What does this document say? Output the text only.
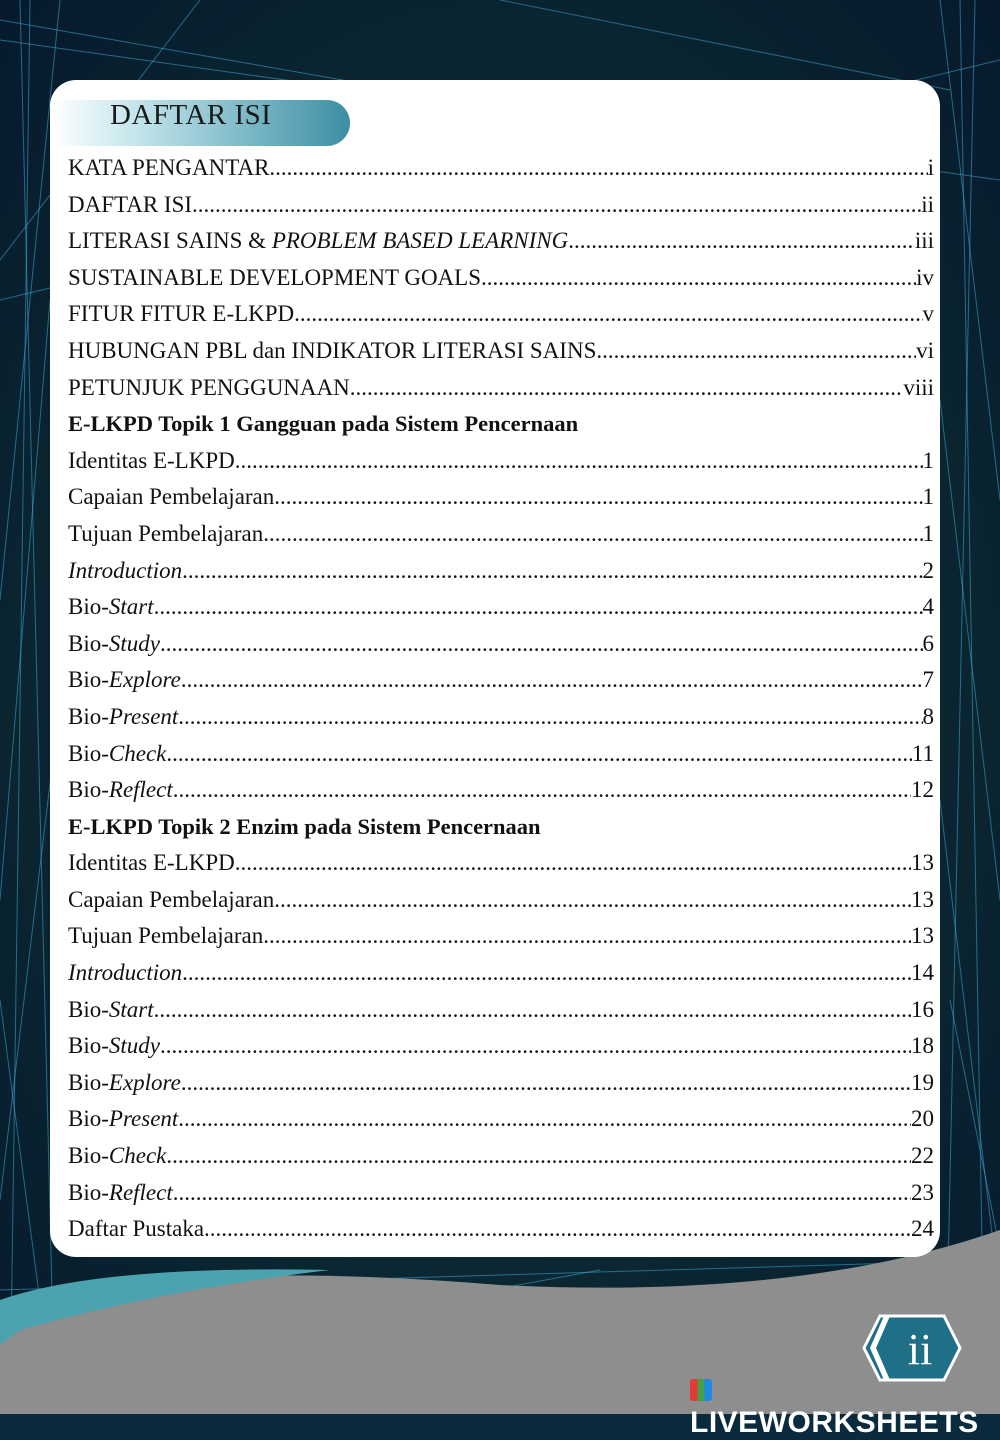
DAFTAR ISI
KATA PENGANTAR .....	i
DAFTAR ISI .....	ii
LITERASI SAINS & PROBLEM BASED LEARNING .....	iii
SUSTAINABLE DEVELOPMENT GOALS .....	iv
FITUR FITUR E-LKPD .....	v
HUBUNGAN PBL dan INDIKATOR LITERASI SAINS .....	vi
PETUNJUK PENGGUNAAN .....	viii
E-LKPD Topik 1 Gangguan pada Sistem Pencernaan
Identitas E-LKPD .....	1
Capaian Pembelajaran .....	1
Tujuan Pembelajaran .....	1
Introduction .....	2
Bio-Start .....	4
Bio-Study .....	6
Bio-Explore .....	7
Bio-Present .....	8
Bio-Check .....	11
Bio-Reflect .....	12
E-LKPD Topik 2 Enzim pada Sistem Pencernaan
Identitas E-LKPD .....	13
Capaian Pembelajaran .....	13
Tujuan Pembelajaran .....	13
Introduction .....	14
Bio-Start .....	16
Bio-Study .....	18
Bio-Explore .....	19
Bio-Present .....	20
Bio-Check .....	22
Bio-Reflect .....	23
Daftar Pustaka .....	24
ii
LIVEWORKSHEETS
